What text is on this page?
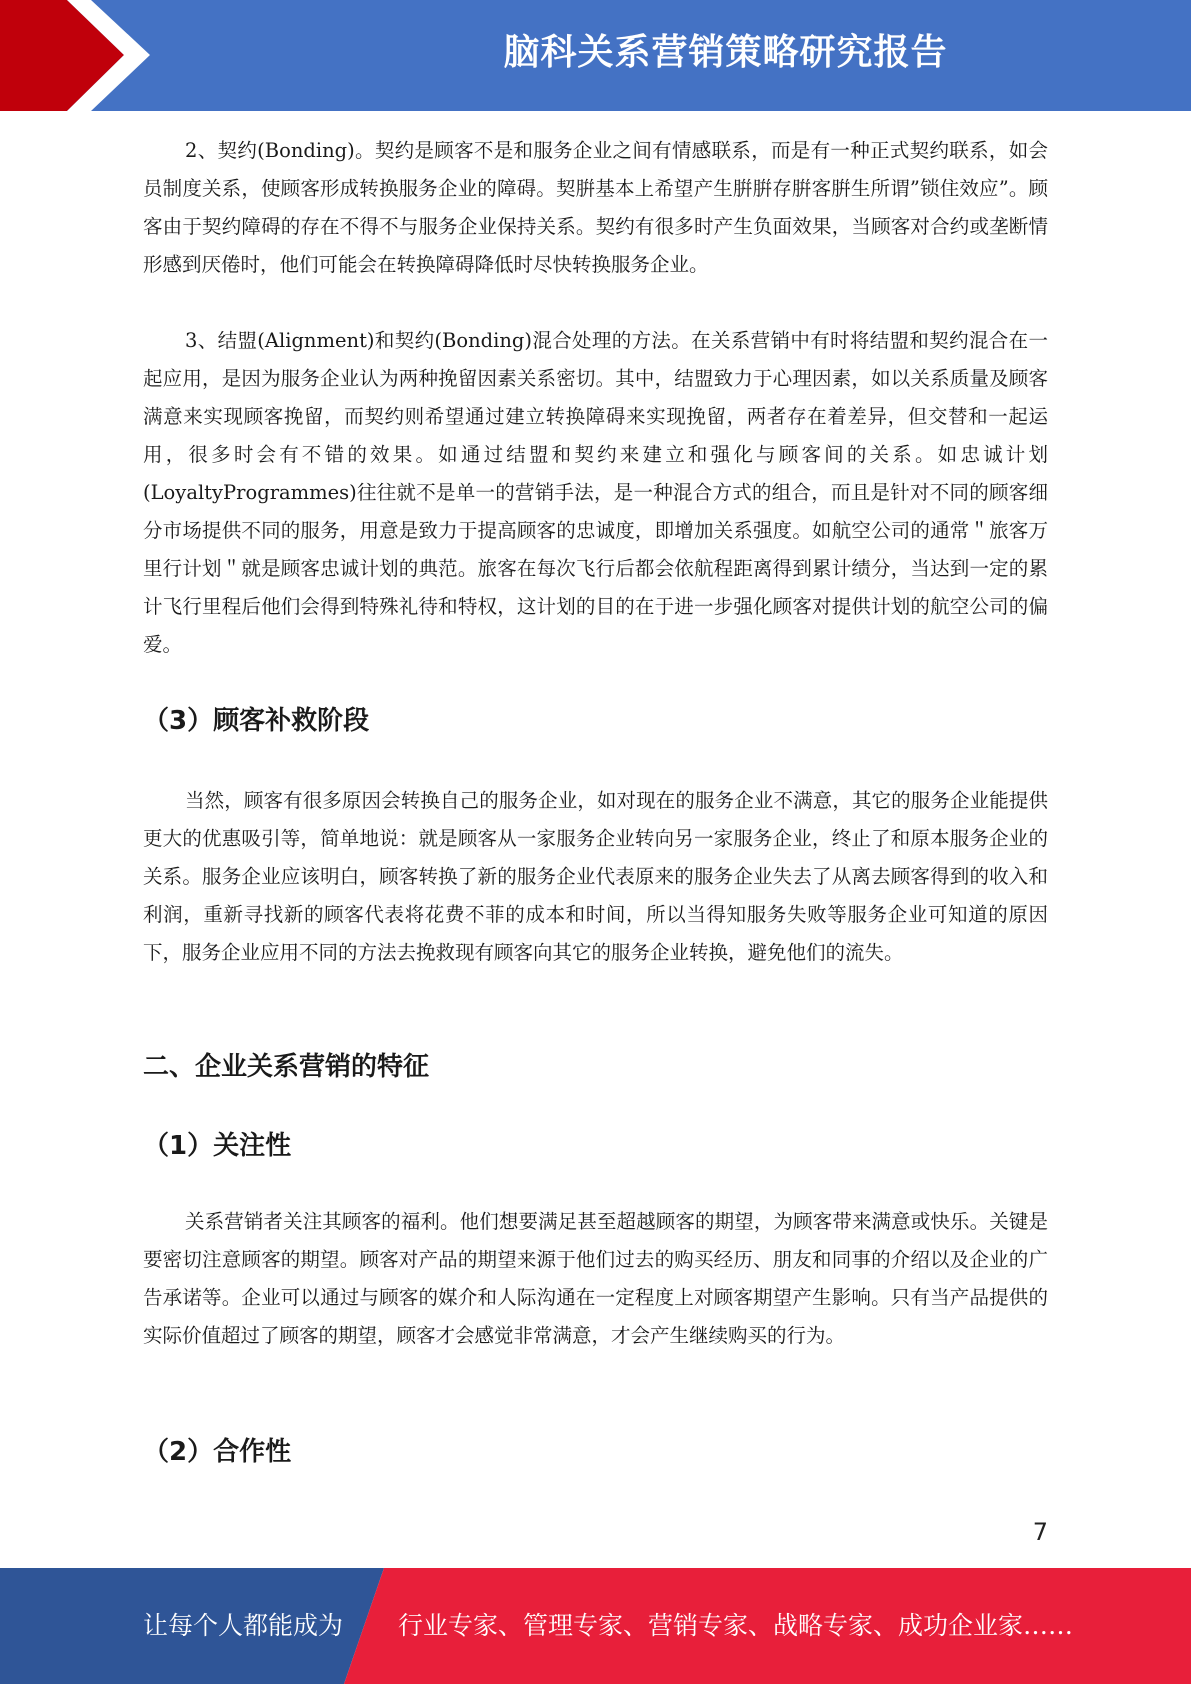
脑科关系营销策略研究报告

2、契约(Bonding)。契约是顾客不是和服务企业之间有情感联系，而是有一种正式契约联系，如会员制度关系，使顾客形成转换服务企业的障碍。契腁基本上希望产生腁腁存腁客腁生所谓”锁住效应”。顾客由于契约障碍的存在不得不与服务企业保持关系。契约有很多时产生负面效果，当顾客对合约或垄断情形感到厌倦时，他们可能会在转换障碍降低时尽快转换服务企业。

3、结盟(Alignment)和契约(Bonding)混合处理的方法。在关系营销中有时将结盟和契约混合在一起应用，是因为服务企业认为两种挽留因素关系密切。其中，结盟致力于心理因素，如以关系质量及顾客满意来实现顾客挽留，而契约则希望通过建立转换障碍来实现挽留，两者存在着差异，但交替和一起运用，很多时会有不错的效果。如通过结盟和契约来建立和强化与顾客间的关系。如忠诚计划(LoyaltyProgrammes)往往就不是单一的营销手法，是一种混合方式的组合，而且是针对不同的顾客细分市场提供不同的服务，用意是致力于提高顾客的忠诚度，即增加关系强度。如航空公司的通常＂旅客万里行计划＂就是顾客忠诚计划的典范。旅客在每次飞行后都会依航程距离得到累计绩分，当达到一定的累计飞行里程后他们会得到特殊礼待和特权，这计划的目的在于进一步强化顾客对提供计划的航空公司的偏爱。

（3）顾客补救阶段

当然，顾客有很多原因会转换自己的服务企业，如对现在的服务企业不满意，其它的服务企业能提供更大的优惠吸引等，简单地说：就是顾客从一家服务企业转向另一家服务企业，终止了和原本服务企业的关系。服务企业应该明白，顾客转换了新的服务企业代表原来的服务企业失去了从离去顾客得到的收入和利润，重新寻找新的顾客代表将花费不菲的成本和时间，所以当得知服务失败等服务企业可知道的原因下，服务企业应用不同的方法去挽救现有顾客向其它的服务企业转换，避免他们的流失。

二、企业关系营销的特征
（1）关注性

关系营销者关注其顾客的福利。他们想要满足甚至超越顾客的期望，为顾客带来满意或快乐。关键是要密切注意顾客的期望。顾客对产品的期望来源于他们过去的购买经历、朋友和同事的介绍以及企业的广告承诺等。企业可以通过与顾客的媒介和人际沟通在一定程度上对顾客期望产生影响。只有当产品提供的实际价值超过了顾客的期望，顾客才会感觉非常满意，才会产生继续购买的行为。

（2）合作性
7
让每个人都能成为 行业专家、管理专家、营销专家、战略专家、成功企业家……
